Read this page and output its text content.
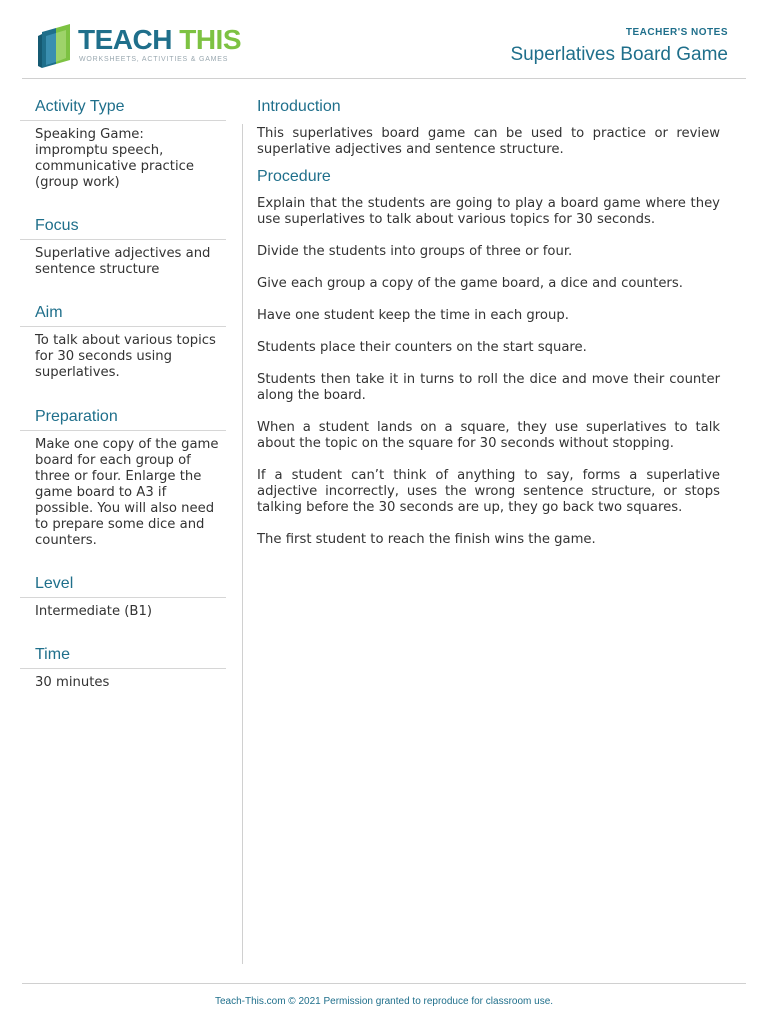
TEACH THIS
WORKSHEETS, ACTIVITIES & GAMES
TEACHER'S NOTES
Superlatives Board Game
Activity Type
Speaking Game: impromptu speech, communicative practice (group work)
Focus
Superlative adjectives and sentence structure
Aim
To talk about various topics for 30 seconds using superlatives.
Preparation
Make one copy of the game board for each group of three or four. Enlarge the game board to A3 if possible. You will also need to prepare some dice and counters.
Level
Intermediate (B1)
Time
30 minutes
Introduction

This superlatives board game can be used to practice or review superlative adjectives and sentence structure.

Procedure

Explain that the students are going to play a board game where they use superlatives to talk about various topics for 30 seconds.

Divide the students into groups of three or four.

Give each group a copy of the game board, a dice and counters.

Have one student keep the time in each group.

Students place their counters on the start square.

Students then take it in turns to roll the dice and move their counter along the board.

When a student lands on a square, they use superlatives to talk about the topic on the square for 30 seconds without stopping.

If a student can’t think of anything to say, forms a superlative adjective incorrectly, uses the wrong sentence structure, or stops talking before the 30 seconds are up, they go back two squares.

The first student to reach the finish wins the game.

Teach-This.com © 2021 Permission granted to reproduce for classroom use.
